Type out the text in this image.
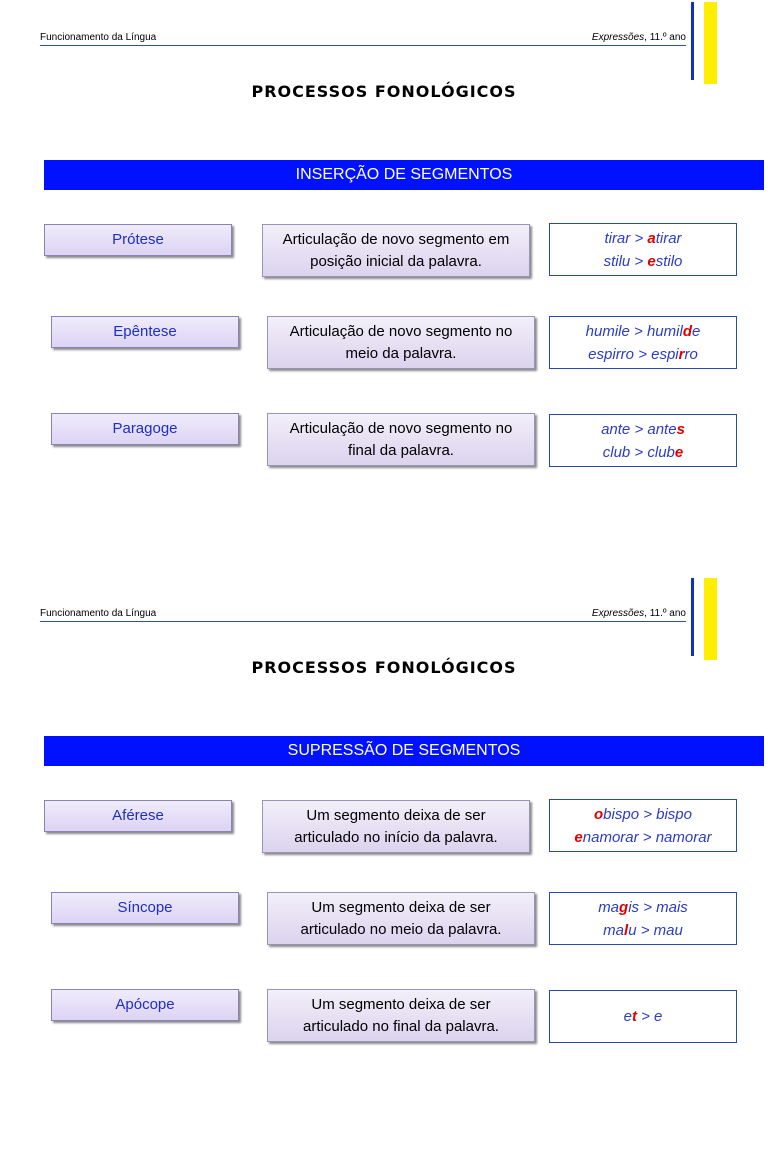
Funcionamento da Língua	Expressões, 11.º ano
PROCESSOS FONOLÓGICOS
INSERÇÃO DE SEGMENTOS
Prótese	Articulação de novo segmento em
posição inicial da palavra.
tirar > atirar
stilu > estilo
Epêntese	Articulação de novo segmento no
meio da palavra.
humile > humilde
espirro > espirro
Paragoge	Articulação de novo segmento no
final da palavra.
ante > antes
club > clube
Funcionamento da Língua	Expressões, 11.º ano
PROCESSOS FONOLÓGICOS
SUPRESSÃO DE SEGMENTOS
Aférese	Um segmento deixa de ser
articulado no início da palavra.
obispo > bispo
enamorar > namorar
Síncope	Um segmento deixa de ser
articulado no meio da palavra.
magis > mais
malu > mau
Apócope	Um segmento deixa de ser
articulado no final da palavra.
et > e
